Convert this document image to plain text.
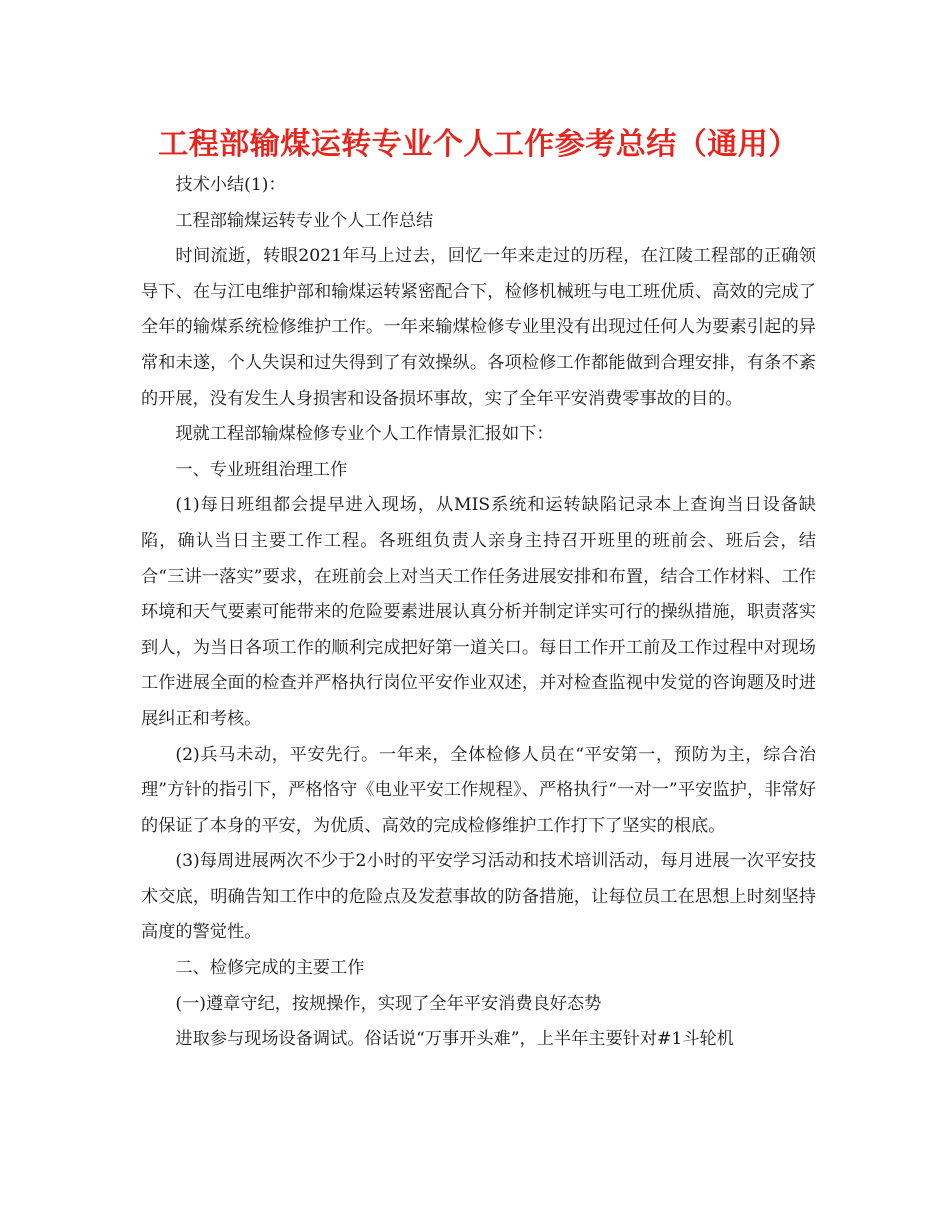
工程部输煤运转专业个人工作参考总结（通用）

技术小结(1)：

工程部输煤运转专业个人工作总结

时间流逝，转眼2021年马上过去，回忆一年来走过的历程，在江陵工程部的正确领导下、在与江电维护部和输煤运转紧密配合下，检修机械班与电工班优质、高效的完成了全年的输煤系统检修维护工作。一年来输煤检修专业里没有出现过任何人为要素引起的异常和未遂，个人失误和过失得到了有效操纵。各项检修工作都能做到合理安排，有条不紊的开展，没有发生人身损害和设备损坏事故，实了全年平安消费零事故的目的。

现就工程部输煤检修专业个人工作情景汇报如下：

一、专业班组治理工作

(1)每日班组都会提早进入现场，从MIS系统和运转缺陷记录本上查询当日设备缺陷，确认当日主要工作工程。各班组负责人亲身主持召开班里的班前会、班后会，结合“三讲一落实”要求，在班前会上对当天工作任务进展安排和布置，结合工作材料、工作环境和天气要素可能带来的危险要素进展认真分析并制定详实可行的操纵措施，职责落实到人，为当日各项工作的顺利完成把好第一道关口。每日工作开工前及工作过程中对现场工作进展全面的检查并严格执行岗位平安作业双述，并对检查监视中发觉的咨询题及时进展纠正和考核。

(2)兵马未动，平安先行。一年来，全体检修人员在“平安第一，预防为主，综合治理”方针的指引下，严格恪守《电业平安工作规程》、严格执行“一对一”平安监护，非常好的保证了本身的平安，为优质、高效的完成检修维护工作打下了坚实的根底。

(3)每周进展两次不少于2小时的平安学习活动和技术培训活动，每月进展一次平安技术交底，明确告知工作中的危险点及发惹事故的防备措施，让每位员工在思想上时刻坚持高度的警觉性。

二、检修完成的主要工作

(一)遵章守纪，按规操作，实现了全年平安消费良好态势

进取参与现场设备调试。俗话说“万事开头难”，上半年主要针对#1斗轮机
